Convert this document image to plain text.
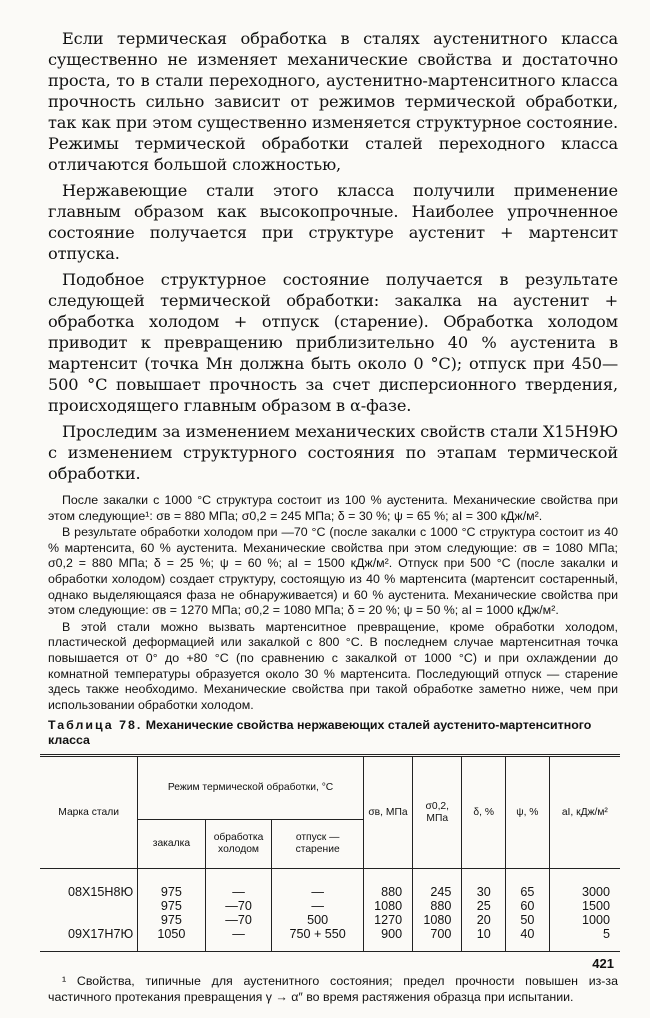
Если термическая обработка в сталях аустенитного класса существенно не изменяет механические свойства и достаточно проста, то в стали переходного, аустенитно-мартенситного класса прочность сильно зависит от режимов термической обработки, так как при этом существенно изменяется структурное состояние. Режимы термической обработки сталей переходного класса отличаются большой сложностью,

Нержавеющие стали этого класса получили применение главным образом как высокопрочные. Наиболее упрочненное состояние получается при структуре аустенит + мартенсит отпуска.

Подобное структурное состояние получается в результате следующей термической обработки: закалка на аустенит + обработка холодом + отпуск (старение). Обработка холодом приводит к превращению приблизительно 40 % аустенита в мартенсит (точка Mн должна быть около 0 °С); отпуск при 450—500 °С повышает прочность за счет дисперсионного твердения, происходящего главным образом в α-фазе.

Проследим за изменением механических свойств стали Х15Н9Ю с изменением структурного состояния по этапам термической обработки.

После закалки с 1000 °С структура состоит из 100 % аустенита. Механические свойства при этом следующие¹: σв = 880 МПа; σ0,2 = 245 МПа; δ = 30 %; ψ = 65 %; aI = 300 кДж/м².

В результате обработки холодом при —70 °С (после закалки с 1000 °С структура состоит из 40 % мартенсита, 60 % аустенита. Механические свойства при этом следующие: σв = 1080 МПа; σ0,2 = 880 МПа; δ = 25 %; ψ = 60 %; aI = 1500 кДж/м². Отпуск при 500 °С (после закалки и обработки холодом) создает структуру, состоящую из 40 % мартенсита (мартенсит состаренный, однако выделяющаяся фаза не обнаруживается) и 60 % аустенита. Механические свойства при этом следующие: σв = 1270 МПа; σ0,2 = 1080 МПа; δ = 20 %; ψ = 50 %; aI = 1000 кДж/м².

В этой стали можно вызвать мартенситное превращение, кроме обработки холодом, пластической деформацией или закалкой с 800 °С. В последнем случае мартенситная точка повышается от 0° до +80 °С (по сравнению с закалкой от 1000 °С) и при охлаждении до комнатной температуры образуется около 30 % мартенсита. Последующий отпуск — старение здесь также необходимо. Механические свойства при такой обработке заметно ниже, чем при использовании обработки холодом.

Таблица 78. Механические свойства нержавеющих сталей аустенито-мартенситного класса
Марка стали	Режим термической обработки, °С			σв, МПа	σ0,2, МПа	δ, %	ψ, %	aI, кДж/м²
	закалка	обработка холодом	отпуск — старение					
08Х15Н8Ю	975	—	—	880	245	30	65	3000
	975	—70	—	1080	880	25	60	1500
	975	—70	500	1270	1080	20	50	1000
09Х17Н7Ю	1050	—	750 + 550	900	700	10	40	5

¹ Свойства, типичные для аустенитного состояния; предел прочности повышен из-за частичного протекания превращения γ → α″ во время растяжения образца при испытании.

421
